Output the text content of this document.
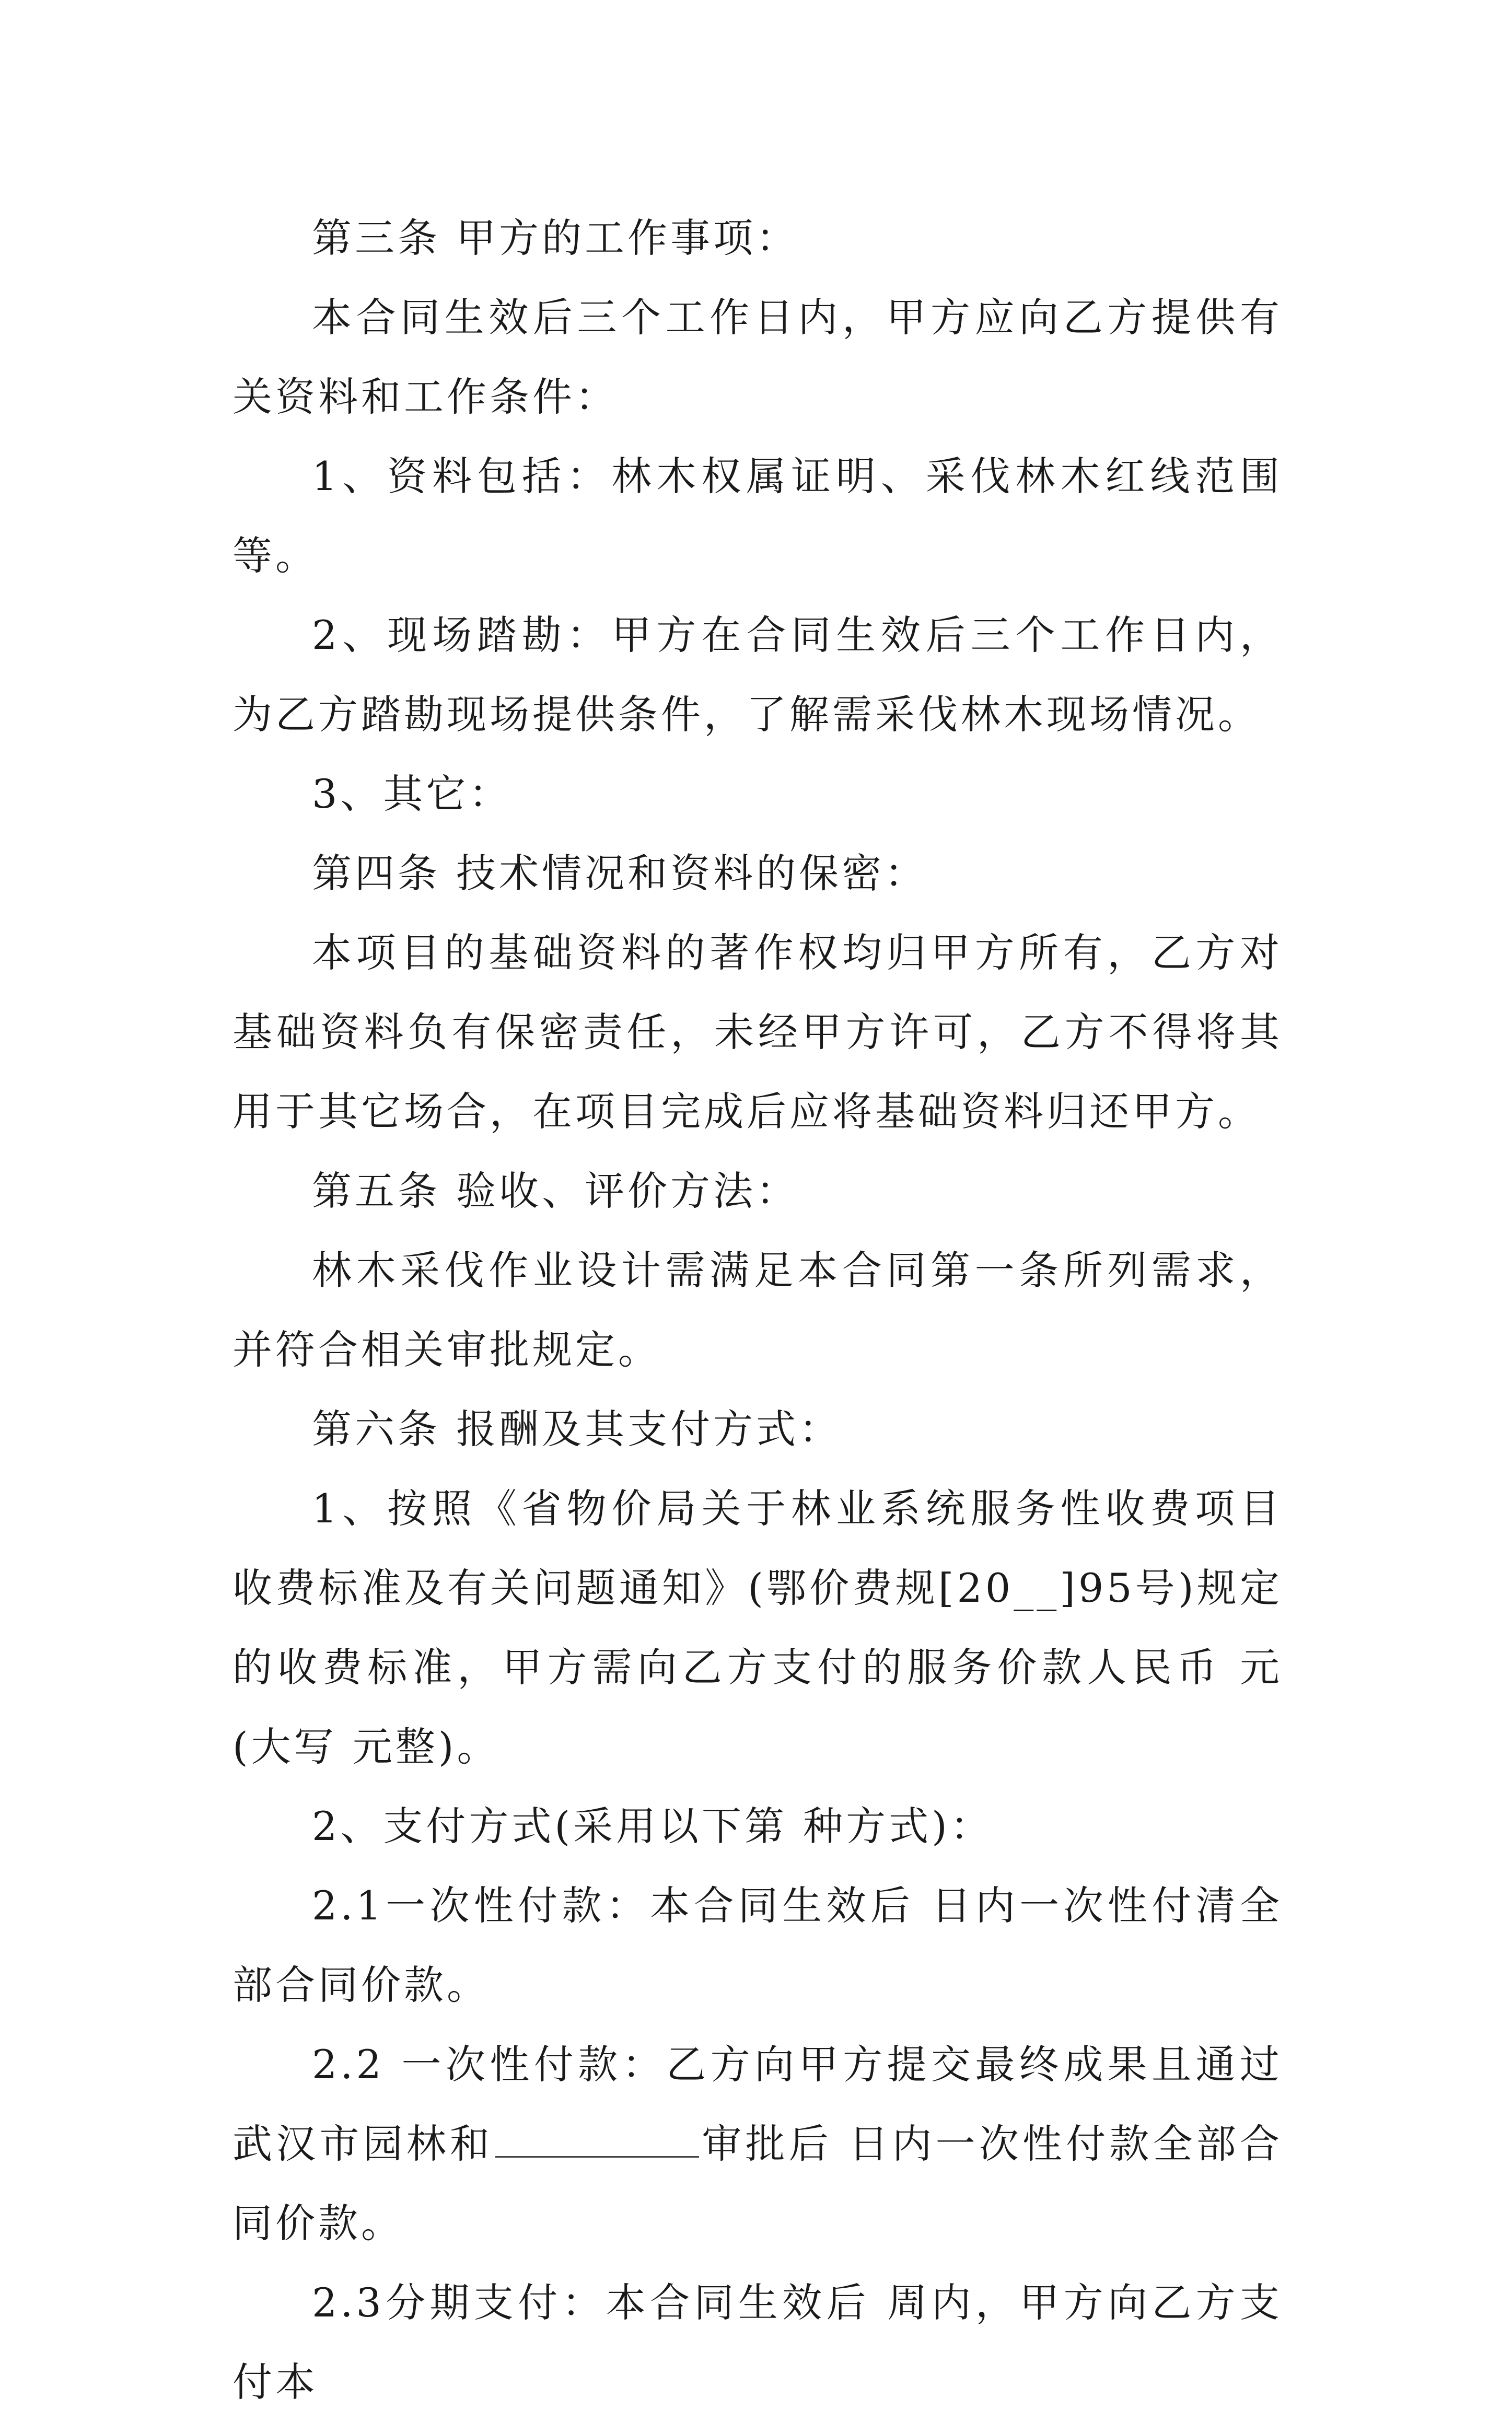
第三条 甲方的工作事项：

本合同生效后三个工作日内，甲方应向乙方提供有关资料和工作条件：

1、资料包括：林木权属证明、采伐林木红线范围等。

2、现场踏勘：甲方在合同生效后三个工作日内，为乙方踏勘现场提供条件，了解需采伐林木现场情况。

3、其它：

第四条 技术情况和资料的保密：

本项目的基础资料的著作权均归甲方所有，乙方对基础资料负有保密责任，未经甲方许可，乙方不得将其用于其它场合，在项目完成后应将基础资料归还甲方。

第五条 验收、评价方法：

林木采伐作业设计需满足本合同第一条所列需求，并符合相关审批规定。

第六条 报酬及其支付方式：

1、按照《省物价局关于林业系统服务性收费项目收费标准及有关问题通知》(鄂价费规[20__]95号)规定的收费标准，甲方需向乙方支付的服务价款人民币 元(大写 元整)。

2、支付方式(采用以下第 种方式)：

2.1一次性付款：本合同生效后 日内一次性付清全部合同价款。

2.2 一次性付款：乙方向甲方提交最终成果且通过武汉市园林和	审批后 日内一次性付款全部合同价款。

2.3分期支付：本合同生效后 周内，甲方向乙方支付本
